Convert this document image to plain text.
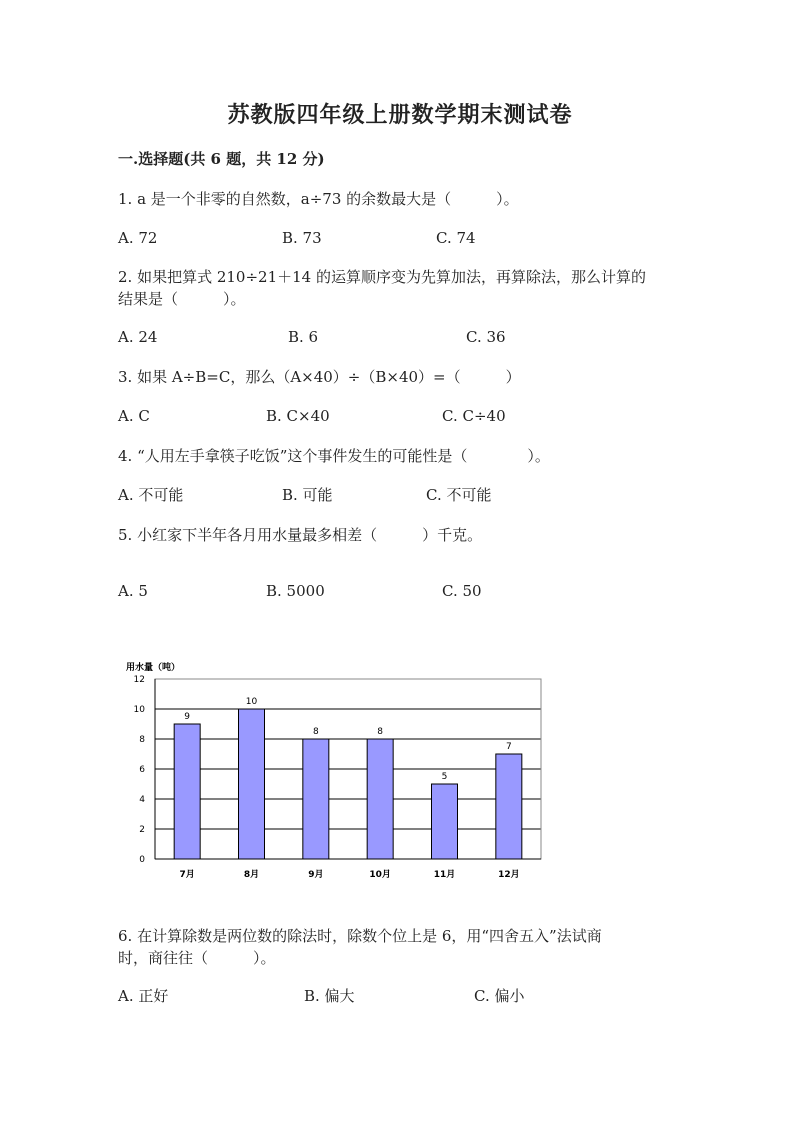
苏教版四年级上册数学期末测试卷
一.选择题(共 6 题，共 12 分)
1. a 是一个非零的自然数，a÷73 的余数最大是（　　　）。
A. 72	B. 73	C. 74
2. 如果把算式 210÷21＋14 的运算顺序变为先算加法，再算除法，那么计算的
结果是（　　　）。
A. 24	B. 6	C. 36
3. 如果 A÷B=C，那么（A×40）÷（B×40）=（　　　）
A. C	B. C×40	C. C÷40
4. “人用左手拿筷子吃饭”这个事件发生的可能性是（　　　　）。
A. 不可能	B. 可能	C. 不可能
5. 小红家下半年各月用水量最多相差（　　　）千克。
A. 5	B. 5000	C. 50
用水量（吨）
0
2
4
6
8
10
12
9
7月
10
8月
8
9月
8
10月
5
11月
7
12月
6. 在计算除数是两位数的除法时，除数个位上是 6，用“四舍五入”法试商
时，商往往（　　　）。
A. 正好	B. 偏大	C. 偏小
